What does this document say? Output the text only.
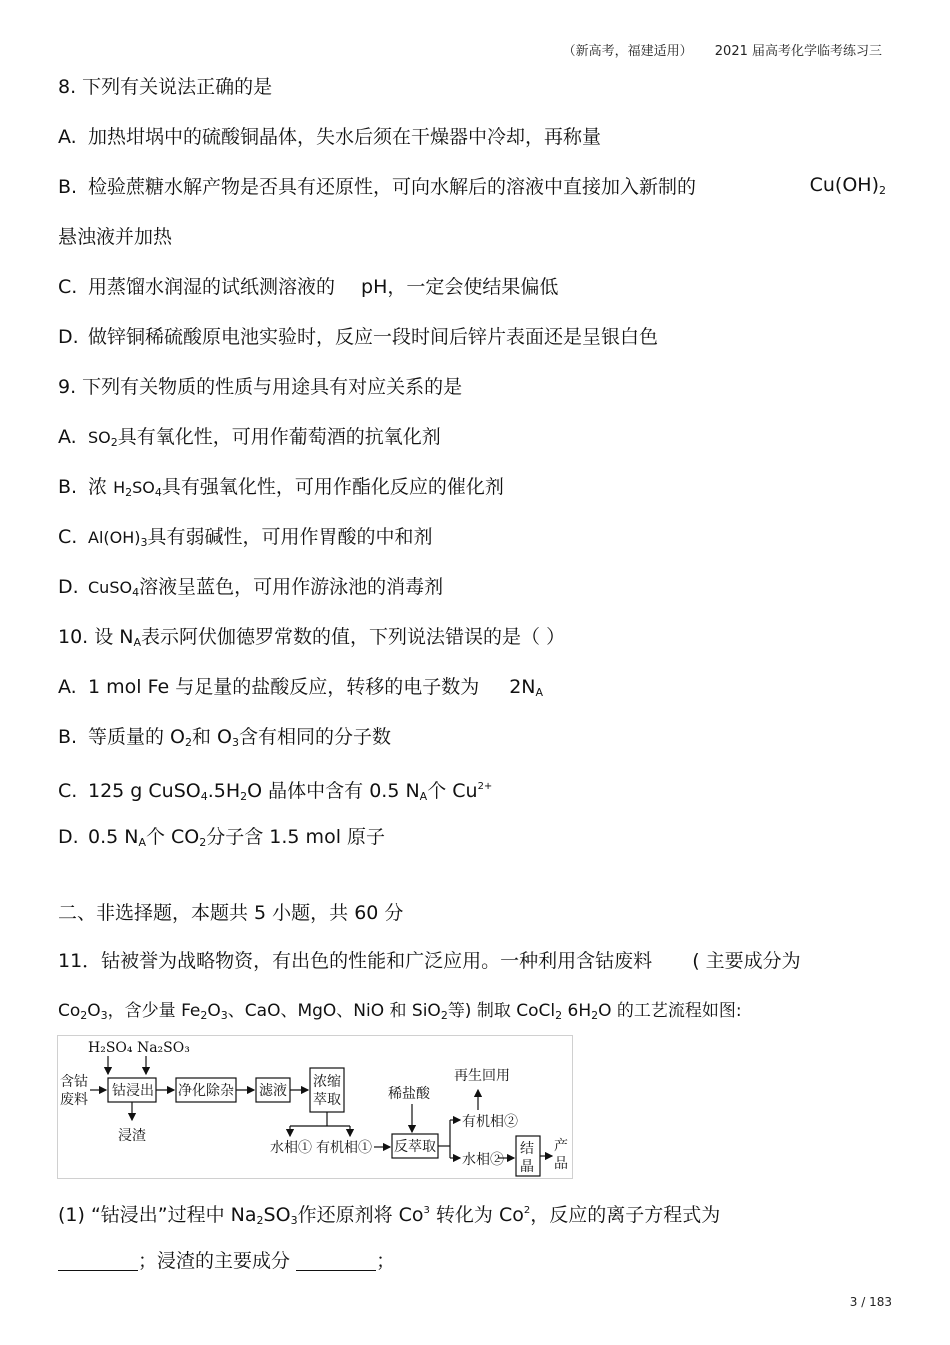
（新高考，福建适用） 2021 届高考化学临考练习三
8. 下列有关说法正确的是
A. 加热坩埚中的硫酸铜晶体，失水后须在干燥器中冷却，再称量
B. 检验蔗糖水解产物是否具有还原性，可向水解后的溶液中直接加入新制的	$Cu(OH)_2$
悬浊液并加热
C. 用蒸馏水润湿的试纸测溶液的 pH，一定会使结果偏低
D. 做锌铜稀硫酸原电池实验时，反应一段时间后锌片表面还是呈银白色
9. 下列有关物质的性质与用途具有对应关系的是
A. $SO_2$具有氧化性，可用作葡萄酒的抗氧化剂
B. 浓 $H_2SO_4$具有强氧化性，可用作酯化反应的催化剂
C. $Al(OH)_3$具有弱碱性，可用作胃酸的中和剂
D. CuSO$_4$溶液呈蓝色，可用作游泳池的消毒剂
10. 设 $N_A$表示阿伏伽德罗常数的值，下列说法错误的是（ ）
A. 1 mol Fe 与足量的盐酸反应，转移的电子数为 $2N_A$
B. 等质量的 $O_2$和 $O_3$含有相同的分子数
C. 125 g $CuSO_4.5H_2O$ 晶体中含有 0.5 $N_A$个 $Cu^{2+}$
D. 0.5 $N_A$个 $CO_2$分子含 1.5 mol 原子
二、非选择题，本题共 5 小题，共 60 分
11．钴被誉为战略物资，有出色的性能和广泛应用。一种利用含钴废料 ( 主要成分为
$Co_2O_3$，含少量 $Fe_2O_3$、CaO、MgO、NiO 和 SiO$_2$等) 制取 CoCl$_2$ $6H_2O$ 的工艺流程如图:
H₂SO₄ Na₂SO₃
含钴
废料
钴浸出
浸渣
净化除杂 滤液
浓缩
萃取
水相① 有机相①
稀盐酸
反萃取
有机相②
水相②
再生回用
结
晶
产
品
(1) “钴浸出”过程中 $Na_2SO_3$作还原剂将 Co$^3$ 转化为 Co$^2$，反应的离子方程式为
；浸渣的主要成分	；
3 / 183
